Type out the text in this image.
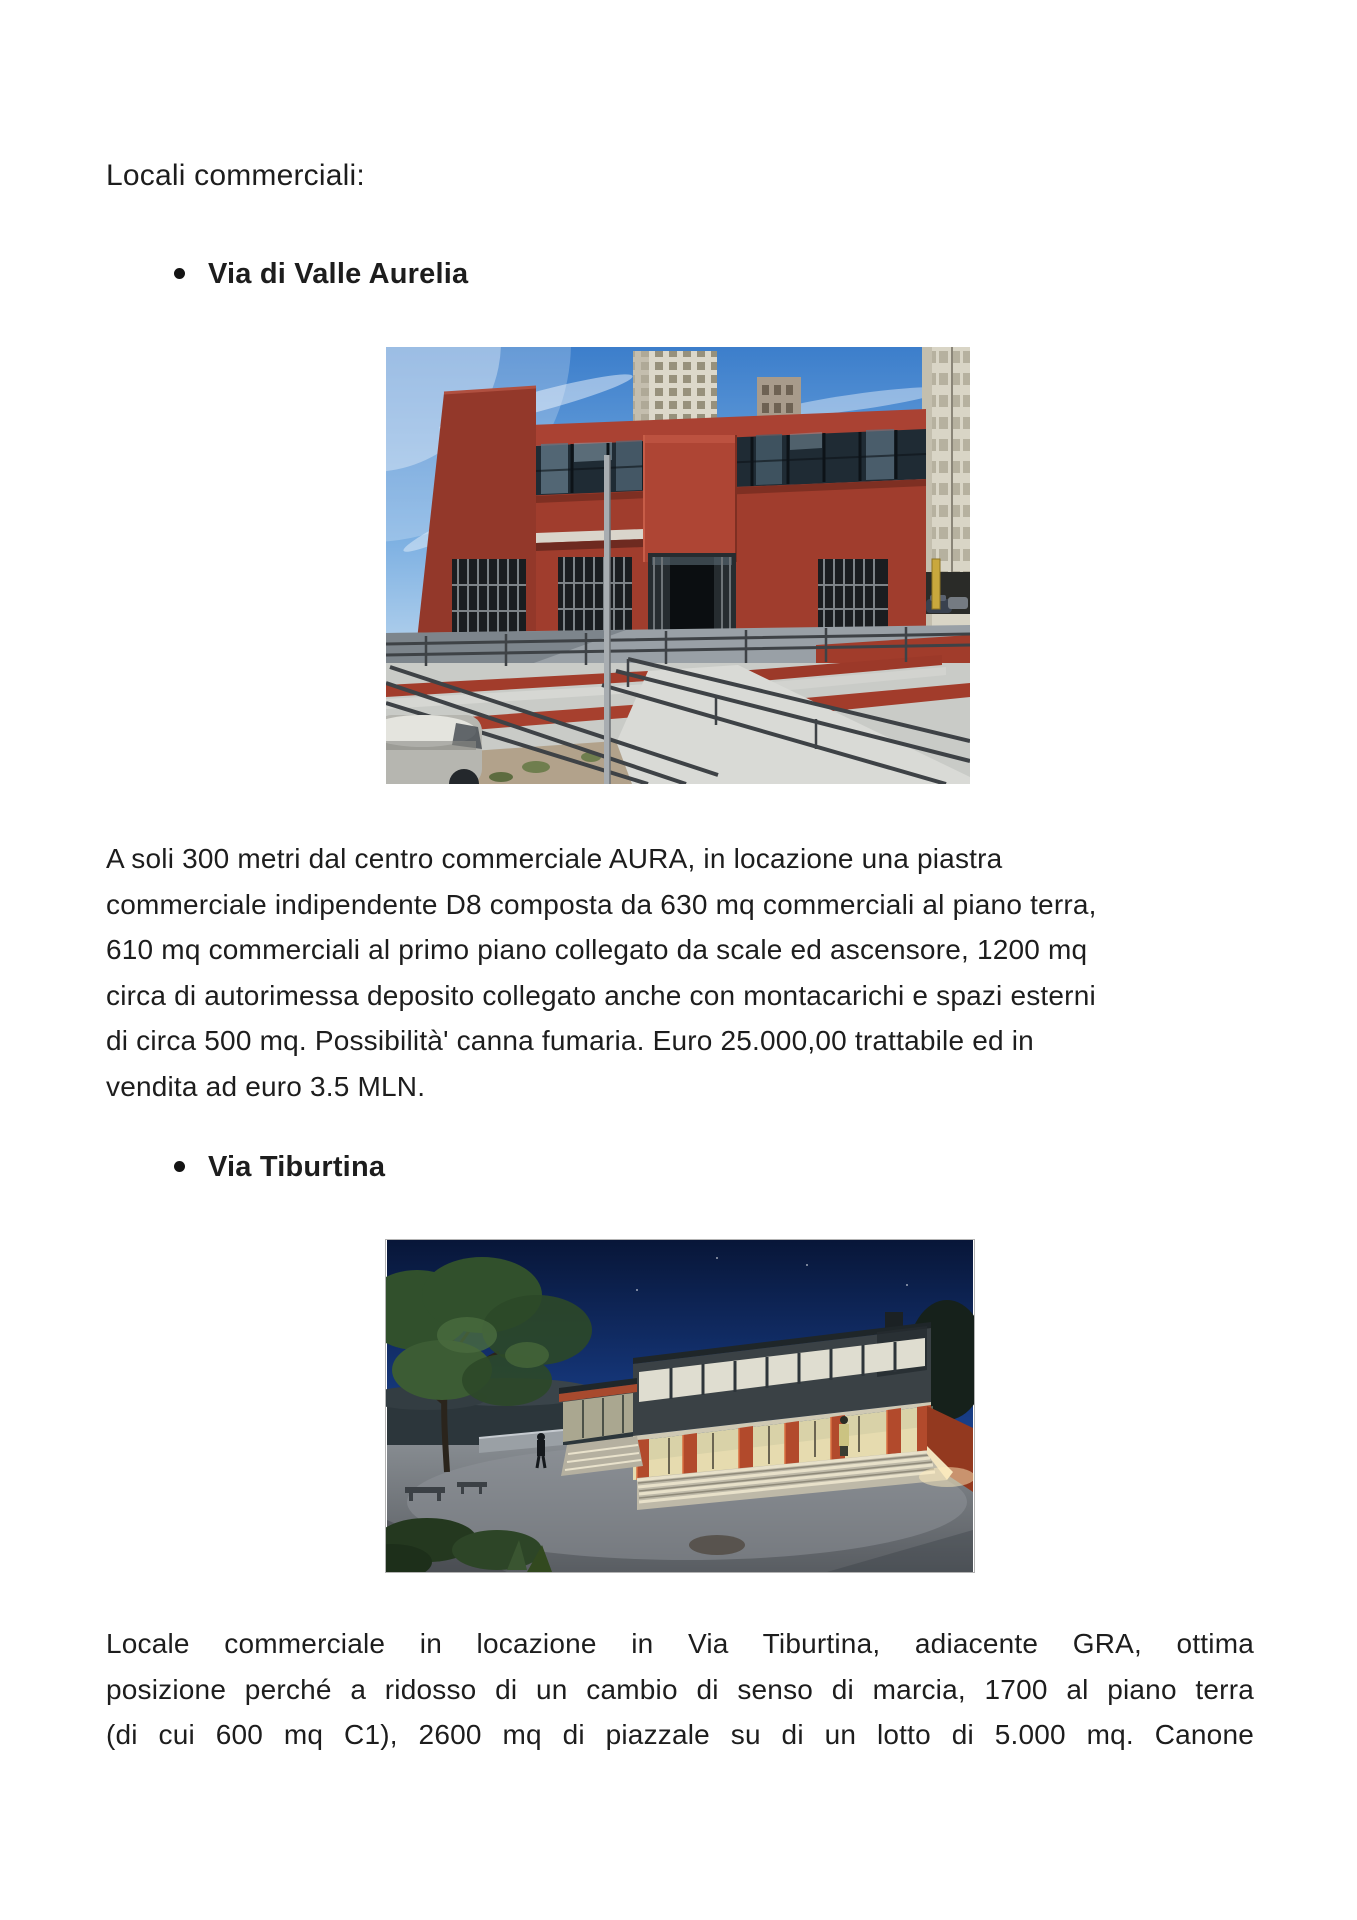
Locali commerciali:
Via di Valle Aurelia
A soli 300 metri dal centro commerciale AURA, in locazione una piastra
commerciale indipendente D8 composta da 630 mq commerciali al piano terra,
610 mq commerciali al primo piano collegato da scale ed ascensore, 1200 mq
circa di autorimessa deposito collegato anche con montacarichi e spazi esterni
di circa 500 mq. Possibilità' canna fumaria. Euro 25.000,00 trattabile ed in
vendita ad euro 3.5 MLN.
Via Tiburtina
Locale commerciale in locazione in Via Tiburtina, adiacente GRA, ottima
posizione perché a ridosso di un cambio di senso di marcia, 1700 al piano terra
(di cui 600 mq C1), 2600 mq di piazzale su di un lotto di 5.000 mq. Canone
